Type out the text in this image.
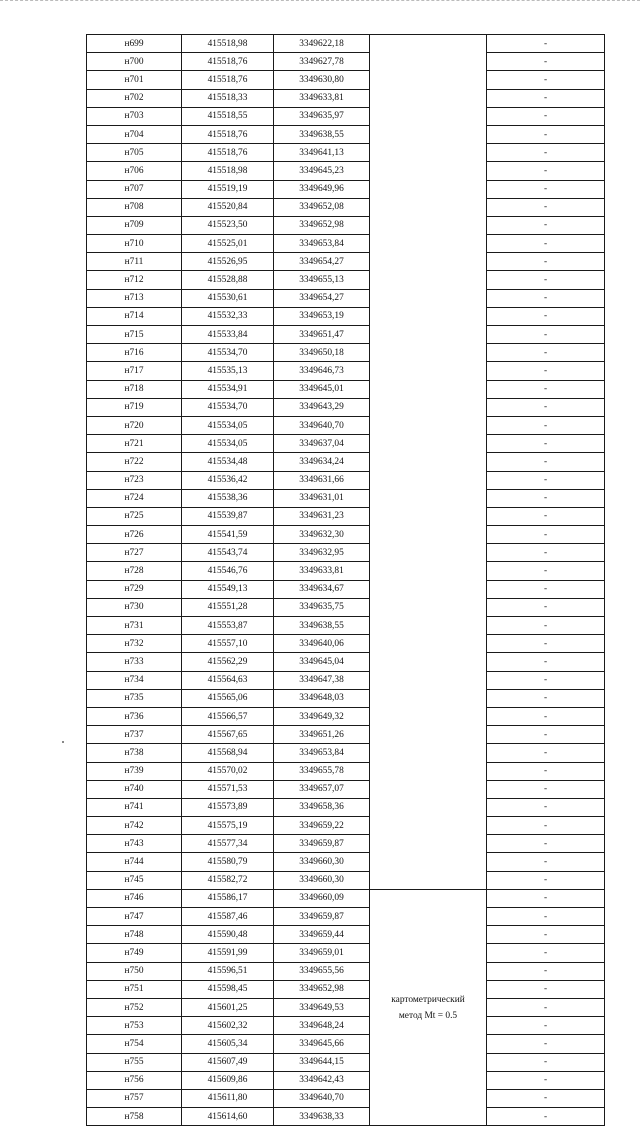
н699	415518,98	3349622,18		-
н700	415518,76	3349627,78		-
н701	415518,76	3349630,80		-
н702	415518,33	3349633,81		-
н703	415518,55	3349635,97		-
н704	415518,76	3349638,55		-
н705	415518,76	3349641,13		-
н706	415518,98	3349645,23		-
н707	415519,19	3349649,96		-
н708	415520,84	3349652,08		-
н709	415523,50	3349652,98		-
н710	415525,01	3349653,84		-
н711	415526,95	3349654,27		-
н712	415528,88	3349655,13		-
н713	415530,61	3349654,27		-
н714	415532,33	3349653,19		-
н715	415533,84	3349651,47		-
н716	415534,70	3349650,18		-
н717	415535,13	3349646,73		-
н718	415534,91	3349645,01		-
н719	415534,70	3349643,29		-
н720	415534,05	3349640,70		-
н721	415534,05	3349637,04		-
н722	415534,48	3349634,24		-
н723	415536,42	3349631,66		-
н724	415538,36	3349631,01		-
н725	415539,87	3349631,23		-
н726	415541,59	3349632,30		-
н727	415543,74	3349632,95		-
н728	415546,76	3349633,81		-
н729	415549,13	3349634,67		-
н730	415551,28	3349635,75		-
н731	415553,87	3349638,55		-
н732	415557,10	3349640,06		-
н733	415562,29	3349645,04		-
н734	415564,63	3349647,38		-
н735	415565,06	3349648,03		-
н736	415566,57	3349649,32		-
н737	415567,65	3349651,26		-
н738	415568,94	3349653,84		-
н739	415570,02	3349655,78		-
н740	415571,53	3349657,07		-
н741	415573,89	3349658,36		-
н742	415575,19	3349659,22		-
н743	415577,34	3349659,87		-
н744	415580,79	3349660,30		-
н745	415582,72	3349660,30		-
н746	415586,17	3349660,09	картометрический
метод Mt = 0.5	-
н747	415587,46	3349659,87		-
н748	415590,48	3349659,44		-
н749	415591,99	3349659,01		-
н750	415596,51	3349655,56		-
н751	415598,45	3349652,98		-
н752	415601,25	3349649,53		-
н753	415602,32	3349648,24		-
н754	415605,34	3349645,66		-
н755	415607,49	3349644,15		-
н756	415609,86	3349642,43		-
н757	415611,80	3349640,70		-
н758	415614,60	3349638,33		-
